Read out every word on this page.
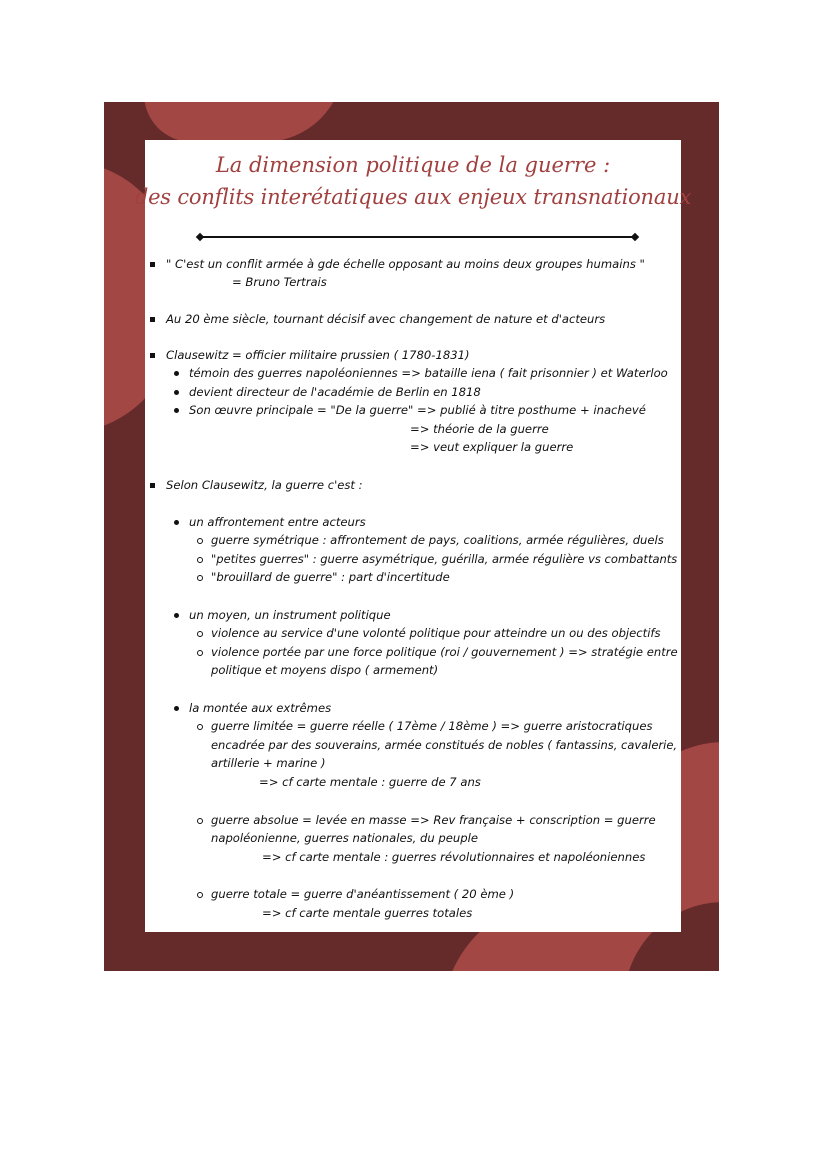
La dimension politique de la guerre :
des conflits interétatiques aux enjeux transnationaux
" C'est un conflit armée à gde échelle opposant au moins deux groupes humains "
= Bruno Tertrais
Au 20 ème siècle, tournant décisif avec changement de nature et d'acteurs
Clausewitz = officier militaire prussien ( 1780-1831)
témoin des guerres napoléoniennes => bataille iena ( fait prisonnier ) et Waterloo
devient directeur de l'académie de Berlin en 1818
Son œuvre principale = "De la guerre" => publié à titre posthume + inachevé
=> théorie de la guerre
=> veut expliquer la guerre
Selon Clausewitz, la guerre c'est :
un affrontement entre acteurs
guerre symétrique : affrontement de pays, coalitions, armée régulières, duels
"petites guerres" : guerre asymétrique, guérilla, armée régulière vs combattants
"brouillard de guerre" : part d'incertitude
un moyen, un instrument politique
violence au service d'une volonté politique pour atteindre un ou des objectifs
violence portée par une force politique (roi / gouvernement ) => stratégie entre
politique et moyens dispo ( armement)
la montée aux extrêmes
guerre limitée = guerre réelle ( 17ème / 18ème ) => guerre aristocratiques
encadrée par des souverains, armée constitués de nobles ( fantassins, cavalerie,
artillerie + marine )
=> cf carte mentale : guerre de 7 ans
guerre absolue = levée en masse => Rev française + conscription = guerre
napoléonienne, guerres nationales, du peuple
=> cf carte mentale : guerres révolutionnaires et napoléoniennes
guerre totale = guerre d'anéantissement ( 20 ème )
=> cf carte mentale guerres totales
